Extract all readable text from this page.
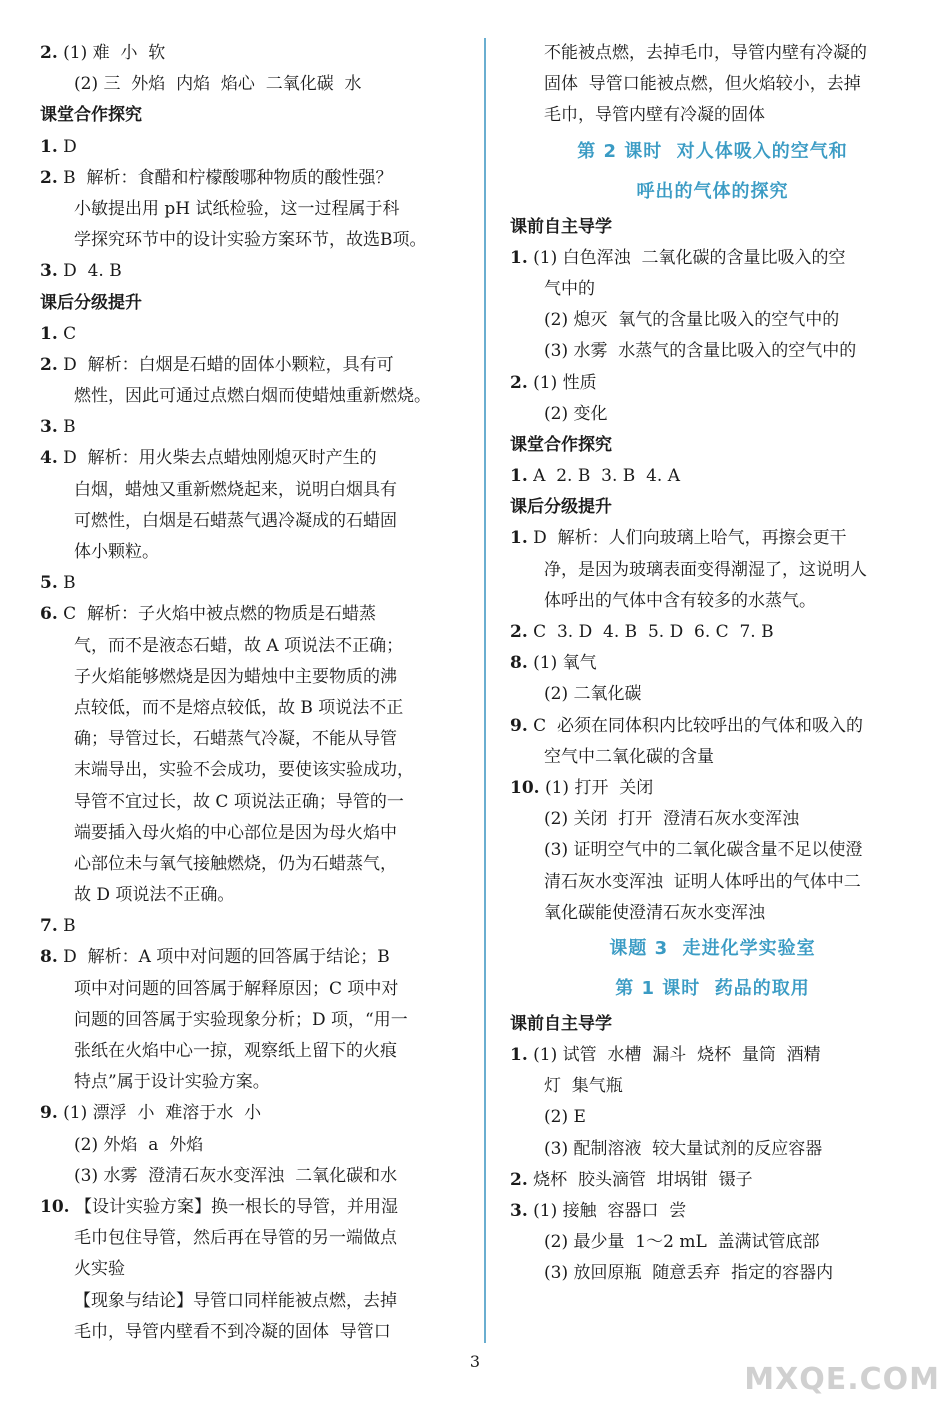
2. (1) 难  小  软
(2) 三  外焰  内焰  焰心  二氧化碳  水
课堂合作探究
1. D
2. B  解析：食醋和柠檬酸哪种物质的酸性强？
小敏提出用 pH 试纸检验，这一过程属于科
学探究环节中的设计实验方案环节，故选B项。
3. D  4. B
课后分级提升
1. C
2. D  解析：白烟是石蜡的固体小颗粒，具有可
燃性，因此可通过点燃白烟而使蜡烛重新燃烧。
3. B
4. D  解析：用火柴去点蜡烛刚熄灭时产生的
白烟，蜡烛又重新燃烧起来，说明白烟具有
可燃性，白烟是石蜡蒸气遇冷凝成的石蜡固
体小颗粒。
5. B
6. C  解析：子火焰中被点燃的物质是石蜡蒸
气，而不是液态石蜡，故 A 项说法不正确；
子火焰能够燃烧是因为蜡烛中主要物质的沸
点较低，而不是熔点较低，故 B 项说法不正
确；导管过长，石蜡蒸气冷凝，不能从导管
末端导出，实验不会成功，要使该实验成功，
导管不宜过长，故 C 项说法正确；导管的一
端要插入母火焰的中心部位是因为母火焰中
心部位未与氧气接触燃烧，仍为石蜡蒸气，
故 D 项说法不正确。
7. B
8. D  解析：A 项中对问题的回答属于结论；B
项中对问题的回答属于解释原因；C 项中对
问题的回答属于实验现象分析；D 项，“用一
张纸在火焰中心一掠，观察纸上留下的火痕
特点”属于设计实验方案。
9. (1) 漂浮  小  难溶于水  小
(2) 外焰  a  外焰
(3) 水雾  澄清石灰水变浑浊  二氧化碳和水
10. 【设计实验方案】换一根长的导管，并用湿
毛巾包住导管，然后再在导管的另一端做点
火实验
【现象与结论】导管口同样能被点燃，去掉
毛巾，导管内壁看不到冷凝的固体  导管口
不能被点燃，去掉毛巾，导管内壁有冷凝的
固体  导管口能被点燃，但火焰较小，去掉
毛巾，导管内壁有冷凝的固体
第 2 课时  对人体吸入的空气和
呼出的气体的探究
课前自主导学
1. (1) 白色浑浊  二氧化碳的含量比吸入的空
气中的
(2) 熄灭  氧气的含量比吸入的空气中的
(3) 水雾  水蒸气的含量比吸入的空气中的
2. (1) 性质
(2) 变化
课堂合作探究
1. A  2. B  3. B  4. A
课后分级提升
1. D  解析：人们向玻璃上哈气，再擦会更干
净，是因为玻璃表面变得潮湿了，这说明人
体呼出的气体中含有较多的水蒸气。
2. C  3. D  4. B  5. D  6. C  7. B
8. (1) 氧气
(2) 二氧化碳
9. C  必须在同体积内比较呼出的气体和吸入的
空气中二氧化碳的含量
10. (1) 打开  关闭
(2) 关闭  打开  澄清石灰水变浑浊
(3) 证明空气中的二氧化碳含量不足以使澄
清石灰水变浑浊  证明人体呼出的气体中二
氧化碳能使澄清石灰水变浑浊
课题 3  走进化学实验室
第 1 课时  药品的取用
课前自主导学
1. (1) 试管  水槽  漏斗  烧杯  量筒  酒精
灯  集气瓶
(2) E
(3) 配制溶液  较大量试剂的反应容器
2. 烧杯  胶头滴管  坩埚钳  镊子
3. (1) 接触  容器口  尝
(2) 最少量  1～2 mL  盖满试管底部
(3) 放回原瓶  随意丢弃  指定的容器内
3
MXQE.COM
